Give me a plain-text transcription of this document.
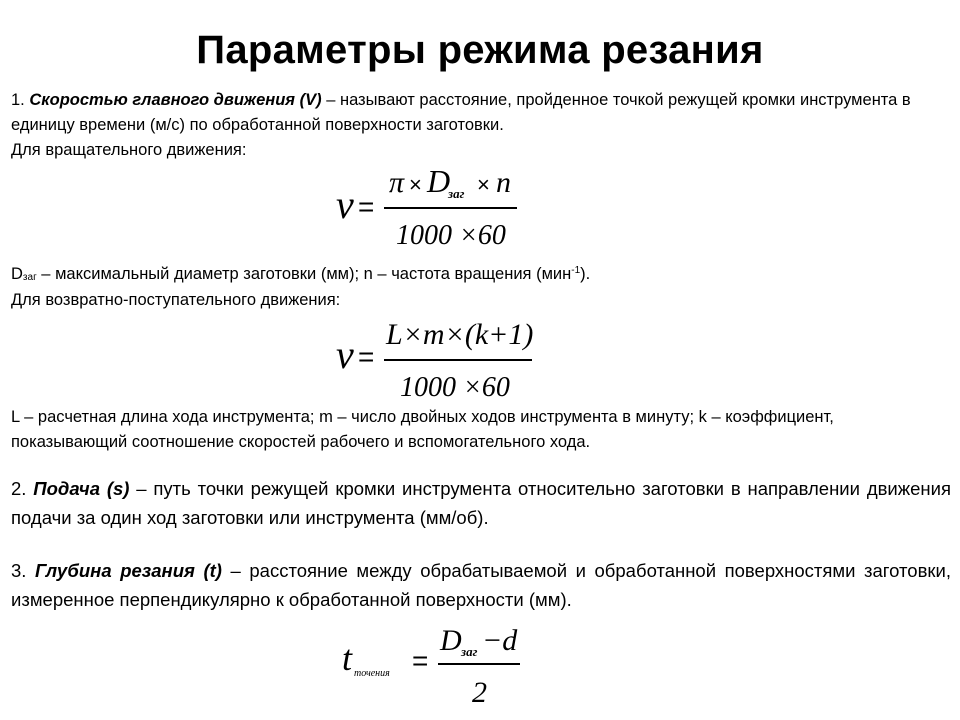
Параметры режима резания
1. Скоростью главного движения (V) – называют расстояние, пройденное точкой режущей кромки инструмента в единицу времени (м/с) по обработанной поверхности заготовки.
Для вращательного движения:
v =
π × D
заг × n
1000 ×60
$D_{заг}$ – максимальный диаметр заготовки (мм); n – частота вращения (мин$^{-1}$).
Для возвратно-поступательного движения:
v =
L×m×(k+1)
1000 ×60
L – расчетная длина хода инструмента; m – число двойных ходов инструмента в минуту; k – коэффициент, показывающий соотношение скоростей рабочего и вспомогательного хода.
2. Подача (s) – путь точки режущей кромки инструмента относительно заготовки в направлении движения подачи за один ход заготовки или инструмента (мм/об).
3. Глубина резания (t) – расстояние между обрабатываемой и обработанной поверхностями заготовки, измеренное перпендикулярно к обработанной поверхности (мм).
t точения =
D заг −d
2
